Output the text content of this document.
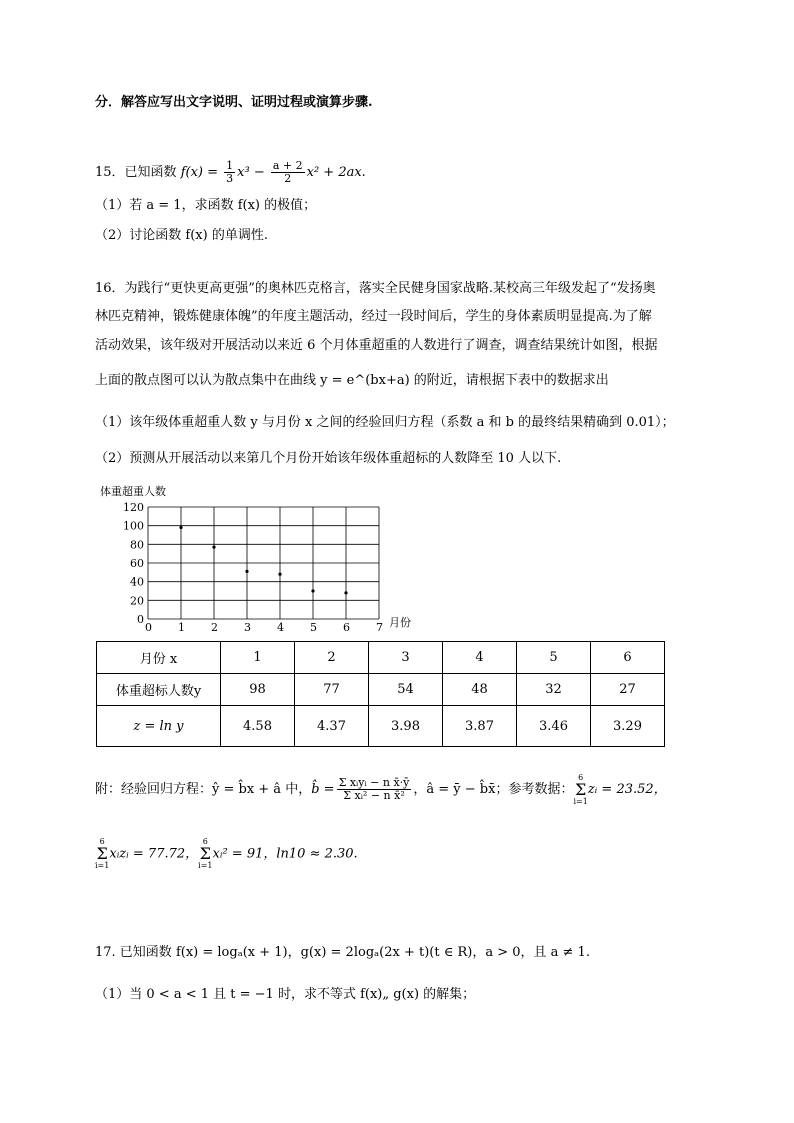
分．解答应写出文字说明、证明过程或演算步骤.
15．已知函数 $f(x) = \frac{1}{3} x^3 - \frac{a + 2}{2} x^2 + 2ax$.
（1）若 a = 1，求函数 f(x) 的极值；
（2）讨论函数 f(x) 的单调性.
16．为践行“更快更高更强”的奥林匹克格言，落实全民健身国家战略.某校高三年级发起了“发扬奥
林匹克精神，锻炼健康体魄”的年度主题活动，经过一段时间后，学生的身体素质明显提高.为了解
活动效果，该年级对开展活动以来近 6 个月体重超重的人数进行了调查，调查结果统计如图，根据
上面的散点图可以认为散点集中在曲线 y = e^(bx+a) 的附近，请根据下表中的数据求出
（1）该年级体重超重人数 y 与月份 x 之间的经验回归方程（系数 a 和 b 的最终结果精确到 0.01）；
（2）预测从开展活动以来第几个月份开始该年级体重超标的人数降至 10 人以下.
体重超重人数
0 1 2 3 4 5 6 7
0
20
40
60
80
100
120
月份
月份 x	1	2	3	4	5	6
体重超标人数y	98	77	54	48	32	27
z = ln y	4.58	4.37	3.98	3.87	3.46	3.29
附：经验回归方程：ŷ = b̂x + â 中，b̂ = $\frac{\text{Σ xᵢyᵢ − n x̄·ȳ}}{\text{Σ xᵢ² − n x̄²}}$ ，â = ȳ − b̂x̄；参考数据：6
Σ
i=1zᵢ = 23.52，
6
Σ
i=1xᵢzᵢ = 77.72，6
Σ
i=1xᵢ² = 91，ln10 ≈ 2.30.
17. 已知函数 f(x) = logₐ(x + 1)，g(x) = 2logₐ(2x + t)(t ∈ R)，a > 0，且 a ≠ 1.
（1）当 0 < a < 1 且 t = −1 时，求不等式 f(x)„ g(x) 的解集；
